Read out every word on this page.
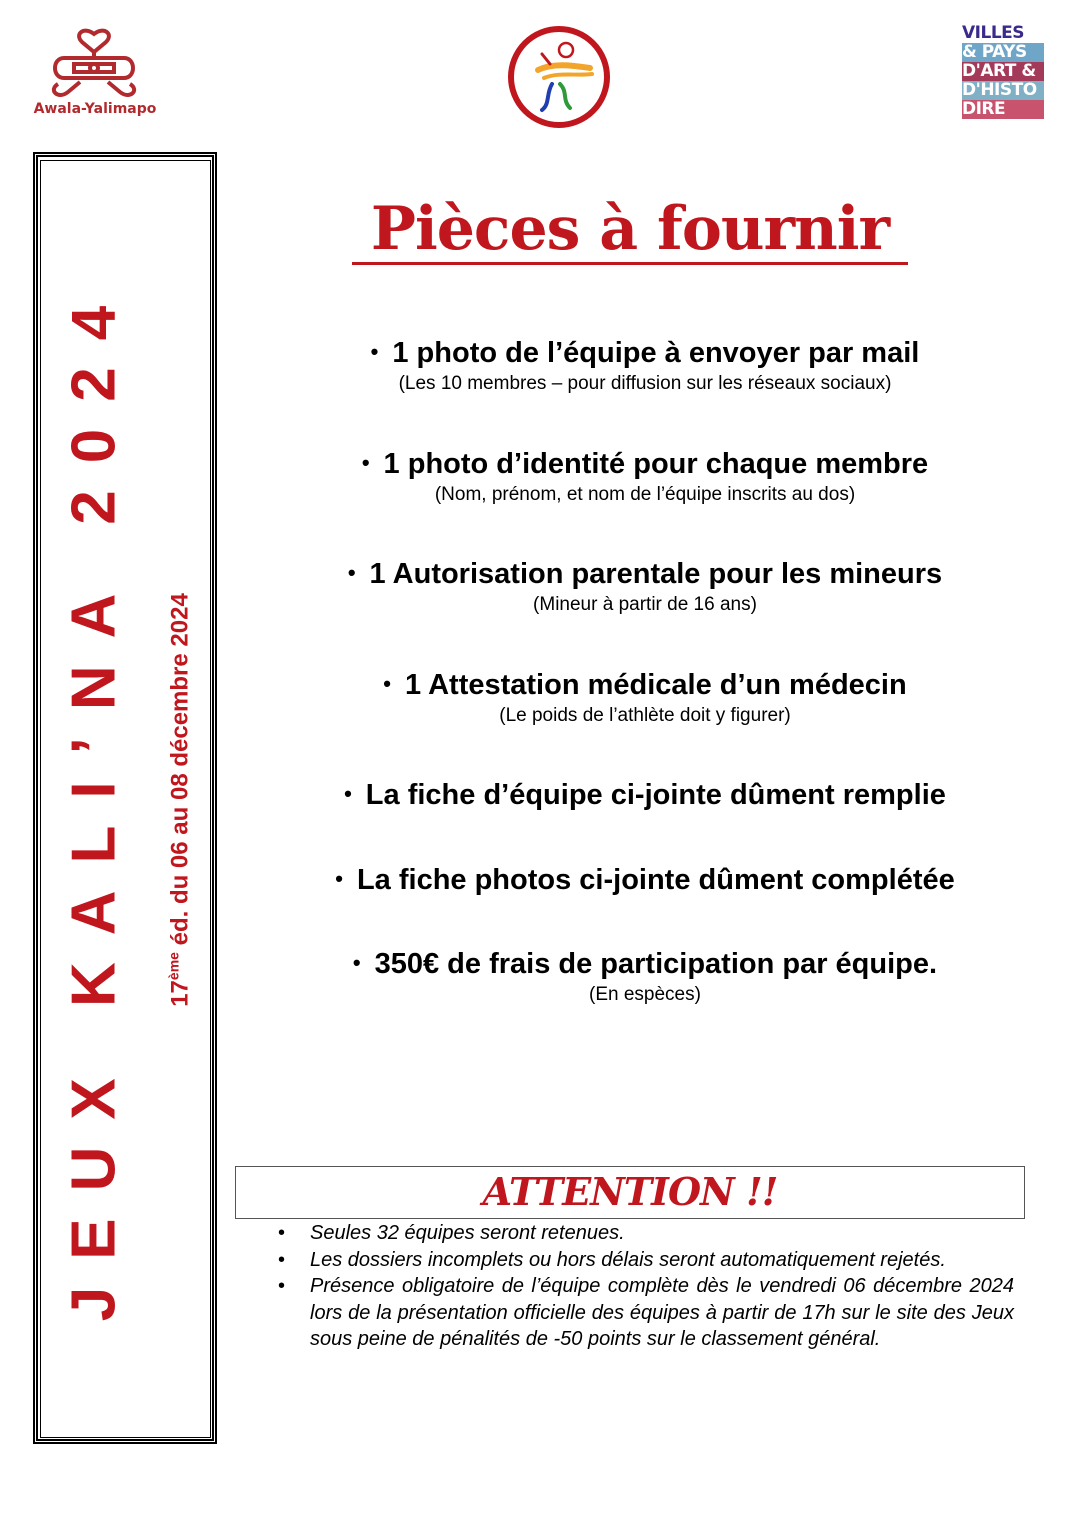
Awala-Yalimapo
VILLES
& PAYS
D'ART &
D'HISTO
DIRE
JEUX KALI’NA 2024 17ème éd. du 06 au 08 décembre 2024
Pièces à fournir
• 1 photo de l’équipe à envoyer par mail
(Les 10 membres – pour diffusion sur les réseaux sociaux)
• 1 photo d’identité pour chaque membre
(Nom, prénom, et nom de l’équipe inscrits au dos)
• 1 Autorisation parentale pour les mineurs
(Mineur à partir de 16 ans)
• 1 Attestation médicale d’un médecin
(Le poids de l’athlète doit y figurer)
• La fiche d’équipe ci-jointe dûment remplie
• La fiche photos ci-jointe dûment complétée
• 350€ de frais de participation par équipe.
(En espèces)
ATTENTION !!
• Seules 32 équipes seront retenues.
• Les dossiers incomplets ou hors délais seront automatiquement rejetés.
• Présence obligatoire de l’équipe complète dès le vendredi 06 décembre 2024 lors de la présentation officielle des équipes à partir de 17h sur le site des Jeux sous peine de pénalités de -50 points sur le classement général.
